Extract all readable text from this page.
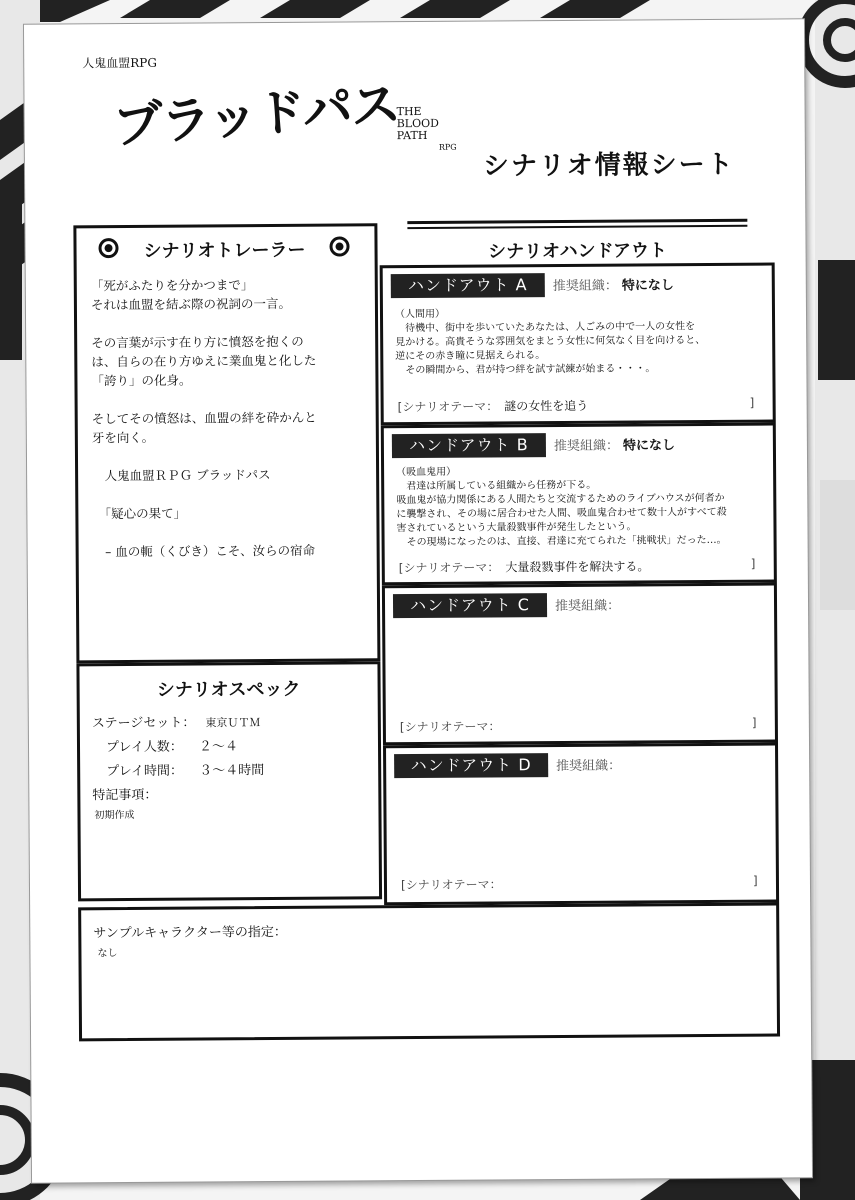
人鬼血盟RPG
ブラッドパス
THE
BLOOD
PATH
RPG
シナリオ情報シート
シナリオトレーラー
「死がふたりを分かつまで」
それは血盟を結ぶ際の祝詞の一言。

その言葉が示す在り方に憤怒を抱くの
は、自らの在り方ゆえに業血鬼と化した
「誇り」の化身。

そしてその憤怒は、血盟の絆を砕かんと
牙を向く。

　人鬼血盟ＲＰＧ ブラッドパス

　「疑心の果て」

　– 血の軛（くびき）こそ、汝らの宿命
シナリオスペック
ステージセット： 東京ＵＴＭ
プレイ人数： ２～４
プレイ時間： ３～４時間
特記事項：
初期作成
シナリオハンドアウト
ハンドアウト A	推奨組織： 特になし
（人間用）
　待機中、街中を歩いていたあなたは、人ごみの中で一人の女性を
見かける。高貴そうな雰囲気をまとう女性に何気なく目を向けると、
逆にその赤き瞳に見据えられる。
　その瞬間から、君が持つ絆を試す試練が始まる・・・。
[シナリオテーマ： 謎の女性を追う	]
ハンドアウト B	推奨組織： 特になし
（吸血鬼用）
　君達は所属している組織から任務が下る。
吸血鬼が協力関係にある人間たちと交流するためのライブハウスが何者か
に襲撃され、その場に居合わせた人間、吸血鬼合わせて数十人がすべて殺
害されているという大量殺戮事件が発生したという。
　その現場になったのは、直接、君達に充てられた「挑戦状」だった…。
[シナリオテーマ： 大量殺戮事件を解決する。	]
ハンドアウト C	推奨組織：
[シナリオテーマ：	]
ハンドアウト D	推奨組織：
[シナリオテーマ：	]
サンプルキャラクター等の指定：
なし
